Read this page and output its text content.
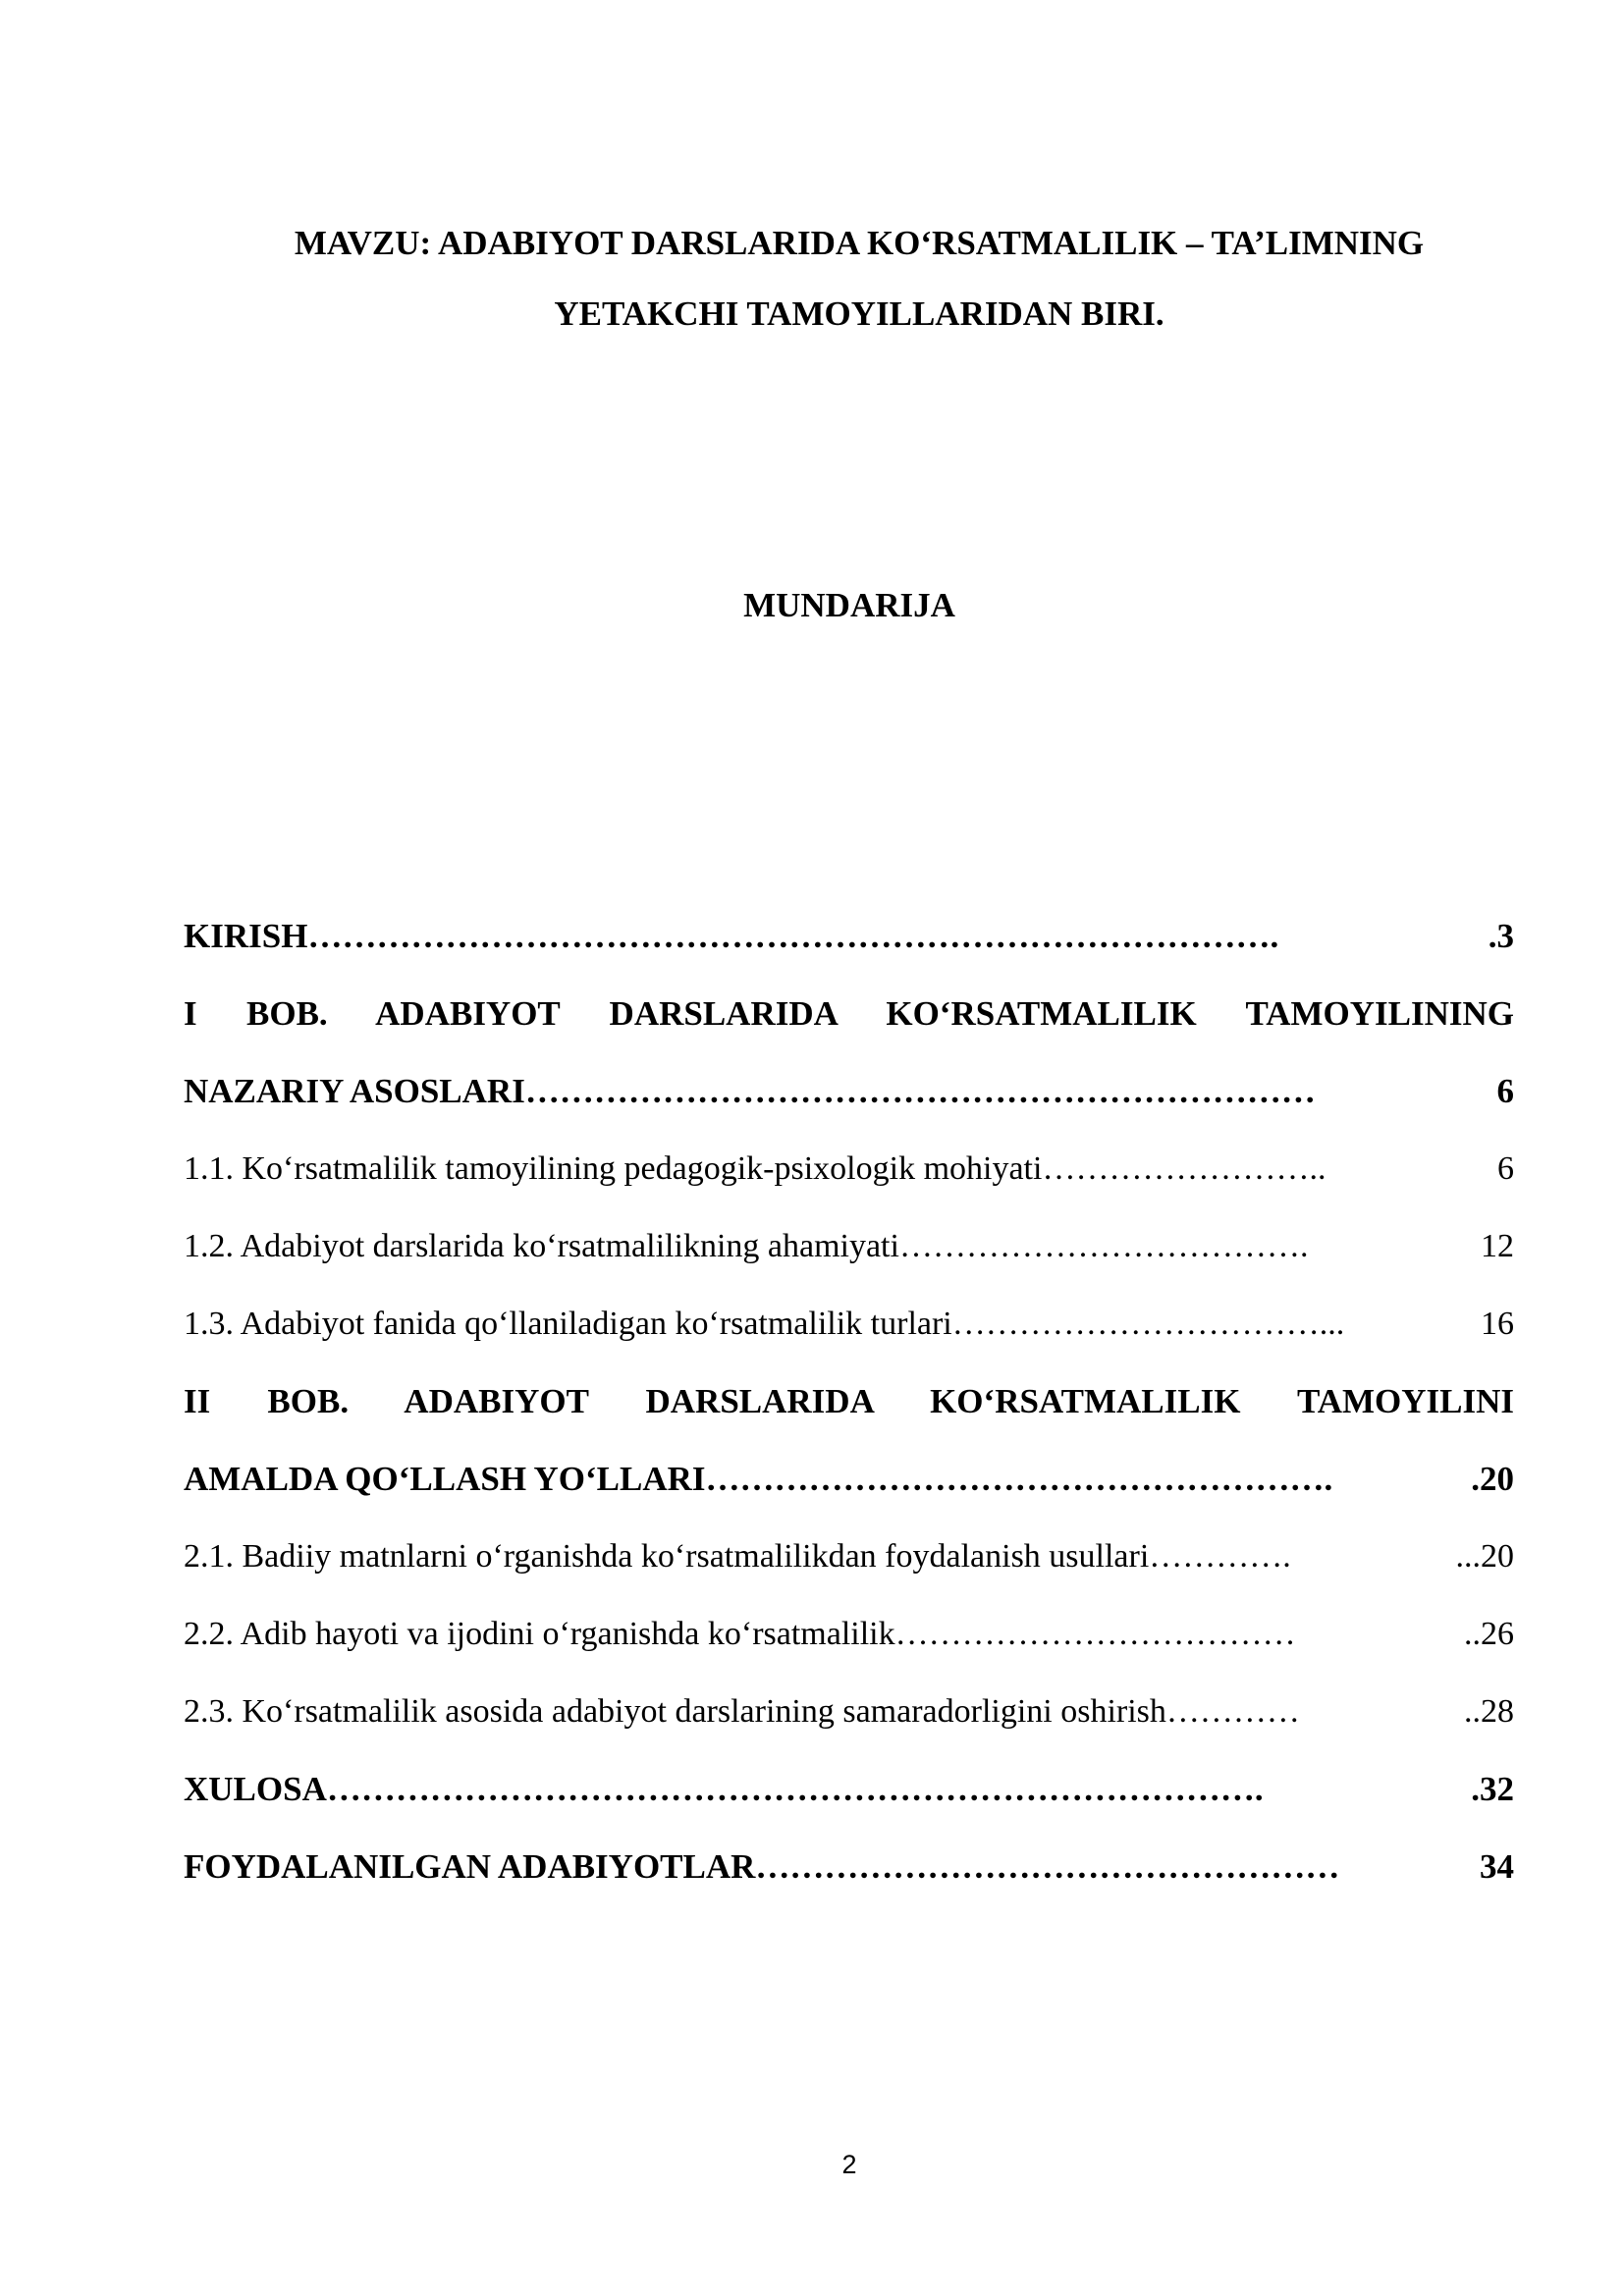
MAVZU: ADABIYOT DARSLARIDA KO‘RSATMALILIK – TA’LIMNING
YETAKCHI TAMOYILLARIDAN BIRI.
MUNDARIJA
KIRISH ………………………………………………………………………….	.3
I BOB. ADABIYOT DARSLARIDA KO‘RSATMALILIK TAMOYILINING
NAZARIY ASOSLARI ……………………………………………………………	6
1.1. Ko‘rsatmalilik tamoyilining pedagogik-psixologik mohiyati ……………………..	6
1.2. Adabiyot darslarida ko‘rsatmalilikning ahamiyati ……………………………….	12
1.3. Adabiyot fanida qo‘llaniladigan ko‘rsatmalilik turlari ……………………………...	16
II BOB. ADABIYOT DARSLARIDA KO‘RSATMALILIK TAMOYILINI
AMALDA QO‘LLASH YO‘LLARI ……………………………………………….	.20
2.1. Badiiy matnlarni o‘rganishda ko‘rsatmalilikdan foydalanish usullari ………….	...20
2.2. Adib hayoti va ijodini o‘rganishda ko‘rsatmalilik ………………………………	..26
2.3. Ko‘rsatmalilik asosida adabiyot darslarining samaradorligini oshirish …………	..28
XULOSA ……………………………………………………………………….	.32
FOYDALANILGAN ADABIYOTLAR ……………………………………………	34
2
